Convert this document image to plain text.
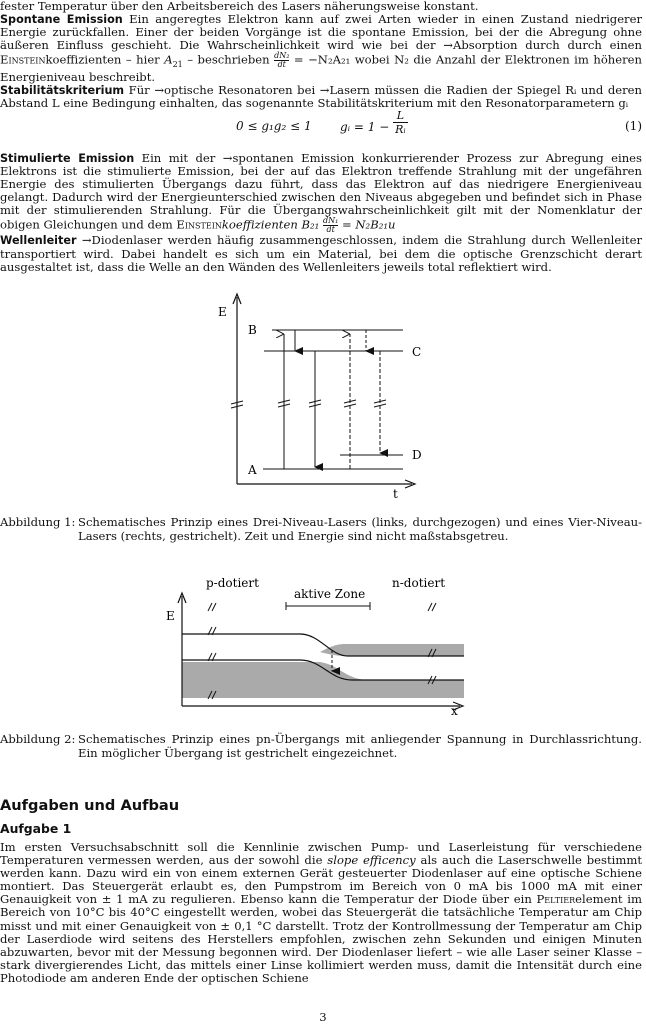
fester Temperatur über den Arbeitsbereich des Lasers näherungsweise konstant.

Spontane Emission Ein angeregtes Elektron kann auf zwei Arten wieder in einen Zustand niedrigerer Energie zurückfallen. Einer der beiden Vorgänge ist die spontane Emission, bei der die Abregung ohne äußeren Einfluss geschieht. Die Wahrscheinlichkeit wird wie bei der →Absorption durch durch einen Einsteinkoeffizienten – hier $A_{21}$ – beschrieben $\frac{\text{dN₂}}{dt} = -N_2A_{21}$ wobei N₂ die Anzahl der Elektronen im höheren Energieniveau beschreibt.

Stabilitätskriterium Für →optische Resonatoren bei →Lasern müssen die Radien der Spiegel Rᵢ und deren Abstand L eine Bedingung einhalten, das sogenannte Stabilitätskriterium mit den Resonatorparametern gᵢ

0 ≤ g₁g₂ ≤ 1 gᵢ = $1 - \frac{L}{\text{Rᵢ}}$	(1)

Stimulierte Emission Ein mit der →spontanen Emission konkurrierender Prozess zur Abregung eines Elektrons ist die stimulierte Emission, bei der auf das Elektron treffende Strahlung mit der ungefähren Energie des stimulierten Übergangs dazu führt, dass das Elektron auf das niedrigere Energieniveau gelangt. Dadurch wird der Energieunterschied zwischen den Niveaus abgegeben und befindet sich in Phase mit der stimulierenden Strahlung. Für die Übergangswahrscheinlichkeit gilt mit der Nomenklatur der obigen Gleichungen und dem Einsteinkoeffizienten $B_{21} \frac{\text{dN₁}}{dt} = N_2B_{21}u$

Wellenleiter →Diodenlaser werden häufig zusammengeschlossen, indem die Strahlung durch Wellenleiter transportiert wird. Dabei handelt es sich um ein Material, bei dem die optische Grenzschicht derart ausgestaltet ist, dass die Welle an den Wänden des Wellenleiters jeweils total reflektiert wird.

E
B
C
D
A
t
Abbildung 1: Schematisches Prinzip eines Drei-Niveau-Lasers (links, durchgezogen) und eines Vier-Niveau-Lasers (rechts, gestrichelt). Zeit und Energie sind nicht maßstabsgetreu.

p-dotiert	n-dotiert
aktive Zone
E
x
Abbildung 2: Schematisches Prinzip eines pn-Übergangs mit anliegender Spannung in Durchlassrichtung. Ein möglicher Übergang ist gestrichelt eingezeichnet.

Aufgaben und Aufbau
Aufgabe 1

Im ersten Versuchsabschnitt soll die Kennlinie zwischen Pump- und Laserleistung für verschiedene Temperaturen vermessen werden, aus der sowohl die slope efficency als auch die Laserschwelle bestimmt werden kann. Dazu wird ein von einem externen Gerät gesteuerter Diodenlaser auf eine optische Schiene montiert. Das Steuergerät erlaubt es, den Pumpstrom im Bereich von 0 mA bis 1000 mA mit einer Genauigkeit von ± 1 mA zu regulieren. Ebenso kann die Temperatur der Diode über ein Peltierelement im Bereich von 10°C bis 40°C eingestellt werden, wobei das Steuergerät die tatsächliche Temperatur am Chip misst und mit einer Genauigkeit von ± 0,1 °C darstellt. Trotz der Kontrollmessung der Temperatur am Chip der Laserdiode wird seitens des Herstellers empfohlen, zwischen zehn Sekunden und einigen Minuten abzuwarten, bevor mit der Messung begonnen wird. Der Diodenlaser liefert – wie alle Laser seiner Klasse – stark divergierendes Licht, das mittels einer Linse kollimiert werden muss, damit die Intensität durch eine Photodiode am anderen Ende der optischen Schiene

3
